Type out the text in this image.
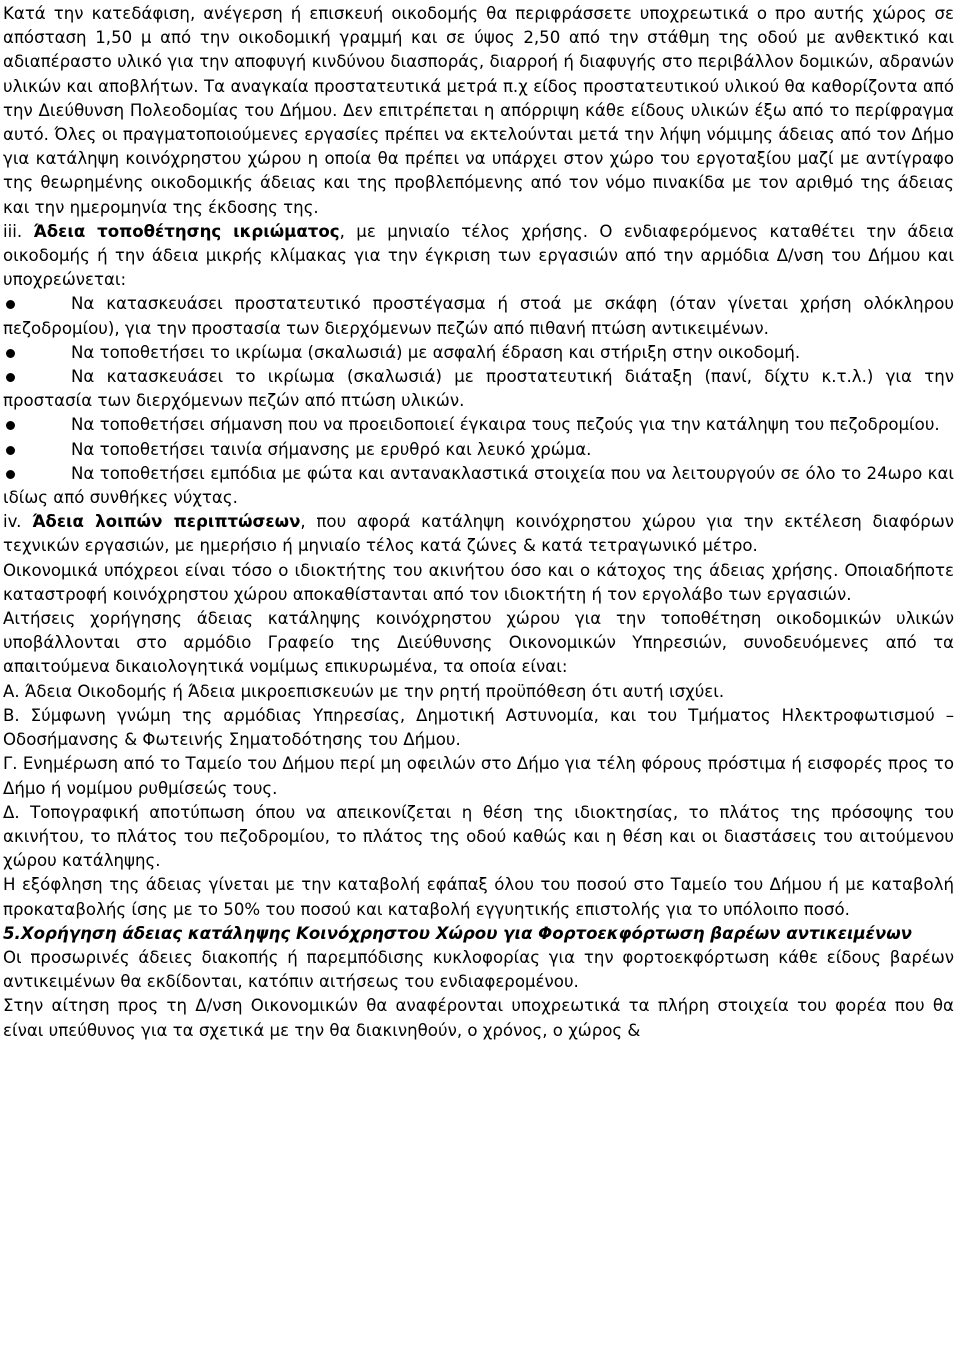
Κατά την κατεδάφιση, ανέγερση ή επισκευή οικοδομής θα περιφράσσετε υποχρεωτικά ο προ αυτής χώρος σε απόσταση 1,50 μ από την οικοδομική γραμμή και σε ύψος 2,50 από την στάθμη της οδού με ανθεκτικό και αδιαπέραστο υλικό για την αποφυγή κινδύνου διασποράς, διαρροή ή διαφυγής στο περιβάλλον δομικών, αδρανών υλικών και αποβλήτων. Τα αναγκαία προστατευτικά μετρά π.χ είδος προστατευτικού υλικού θα καθορίζοντα από την Διεύθυνση Πολεοδομίας του Δήμου. Δεν επιτρέπεται η απόρριψη κάθε είδους υλικών έξω από το περίφραγμα αυτό. Όλες οι πραγματοποιούμενες εργασίες πρέπει να εκτελούνται μετά την λήψη νόμιμης άδειας από τον Δήμο για κατάληψη κοινόχρηστου χώρου η οποία θα πρέπει να υπάρχει στον χώρο του εργοταξίου μαζί με αντίγραφο της θεωρημένης οικοδομικής άδειας και της προβλεπόμενης από τον νόμο πινακίδα με τον αριθμό της άδειας και την ημερομηνία της έκδοσης της.

iii. Άδεια τοποθέτησης ικριώματος, με μηνιαίο τέλος χρήσης. Ο ενδιαφερόμενος καταθέτει την άδεια οικοδομής ή την άδεια μικρής κλίμακας για την έγκριση των εργασιών από την αρμόδια Δ/νση του Δήμου και υποχρεώνεται:

Να κατασκευάσει προστατευτικό προστέγασμα ή στοά με σκάφη (όταν γίνεται χρήση ολόκληρου πεζοδρομίου), για την προστασία των διερχόμενων πεζών από πιθανή πτώση αντικειμένων.

Να τοποθετήσει το ικρίωμα (σκαλωσιά) με ασφαλή έδραση και στήριξη στην οικοδομή.

Να κατασκευάσει το ικρίωμα (σκαλωσιά) με προστατευτική διάταξη (πανί, δίχτυ κ.τ.λ.) για την προστασία των διερχόμενων πεζών από πτώση υλικών.

Να τοποθετήσει σήμανση που να προειδοποιεί έγκαιρα τους πεζούς για την κατάληψη του πεζοδρομίου.

Να τοποθετήσει ταινία σήμανσης με ερυθρό και λευκό χρώμα.

Να τοποθετήσει εμπόδια με φώτα και αντανακλαστικά στοιχεία που να λειτουργούν σε όλο το 24ωρο και ιδίως από συνθήκες νύχτας.

iv. Άδεια λοιπών περιπτώσεων, που αφορά κατάληψη κοινόχρηστου χώρου για την εκτέλεση διαφόρων τεχνικών εργασιών, με ημερήσιο ή μηνιαίο τέλος κατά ζώνες & κατά τετραγωνικό μέτρο.

Οικονομικά υπόχρεοι είναι τόσο ο ιδιοκτήτης του ακινήτου όσο και ο κάτοχος της άδειας χρήσης. Οποιαδήποτε καταστροφή κοινόχρηστου χώρου αποκαθίστανται από τον ιδιοκτήτη ή τον εργολάβο των εργασιών.

Αιτήσεις χορήγησης άδειας κατάληψης κοινόχρηστου χώρου για την τοποθέτηση οικοδομικών υλικών υποβάλλονται στο αρμόδιο Γραφείο της Διεύθυνσης Οικονομικών Υπηρεσιών, συνοδευόμενες από τα απαιτούμενα δικαιολογητικά νομίμως επικυρωμένα, τα οποία είναι:

Α. Άδεια Οικοδομής ή Άδεια μικροεπισκευών με την ρητή προϋπόθεση ότι αυτή ισχύει.

Β. Σύμφωνη γνώμη της αρμόδιας Υπηρεσίας, Δημοτική Αστυνομία, και του Τμήματος Ηλεκτροφωτισμού – Οδοσήμανσης & Φωτεινής Σηματοδότησης του Δήμου.

Γ. Ενημέρωση από το Ταμείο του Δήμου περί μη οφειλών στο Δήμο για τέλη φόρους πρόστιμα ή εισφορές προς το Δήμο ή νομίμου ρυθμίσεώς τους.

Δ. Τοπογραφική αποτύπωση όπου να απεικονίζεται η θέση της ιδιοκτησίας, το πλάτος της πρόσοψης του ακινήτου, το πλάτος του πεζοδρομίου, το πλάτος της οδού καθώς και η θέση και οι διαστάσεις του αιτούμενου χώρου κατάληψης.

Η εξόφληση της άδειας γίνεται με την καταβολή εφάπαξ όλου του ποσού στο Ταμείο του Δήμου ή με καταβολή προκαταβολής ίσης με το 50% του ποσού και καταβολή εγγυητικής επιστολής για το υπόλοιπο ποσό.

5.Χορήγηση άδειας κατάληψης Κοινόχρηστου Χώρου για Φορτοεκφόρτωση βαρέων αντικειμένων

Οι προσωρινές άδειες διακοπής ή παρεμπόδισης κυκλοφορίας για την φορτοεκφόρτωση κάθε είδους βαρέων αντικειμένων θα εκδίδονται, κατόπιν αιτήσεως του ενδιαφερομένου.

Στην αίτηση προς τη Δ/νση Οικονομικών θα αναφέρονται υποχρεωτικά τα πλήρη στοιχεία του φορέα που θα είναι υπεύθυνος για τα σχετικά με την θα διακινηθούν, ο χρόνος, ο χώρος &
